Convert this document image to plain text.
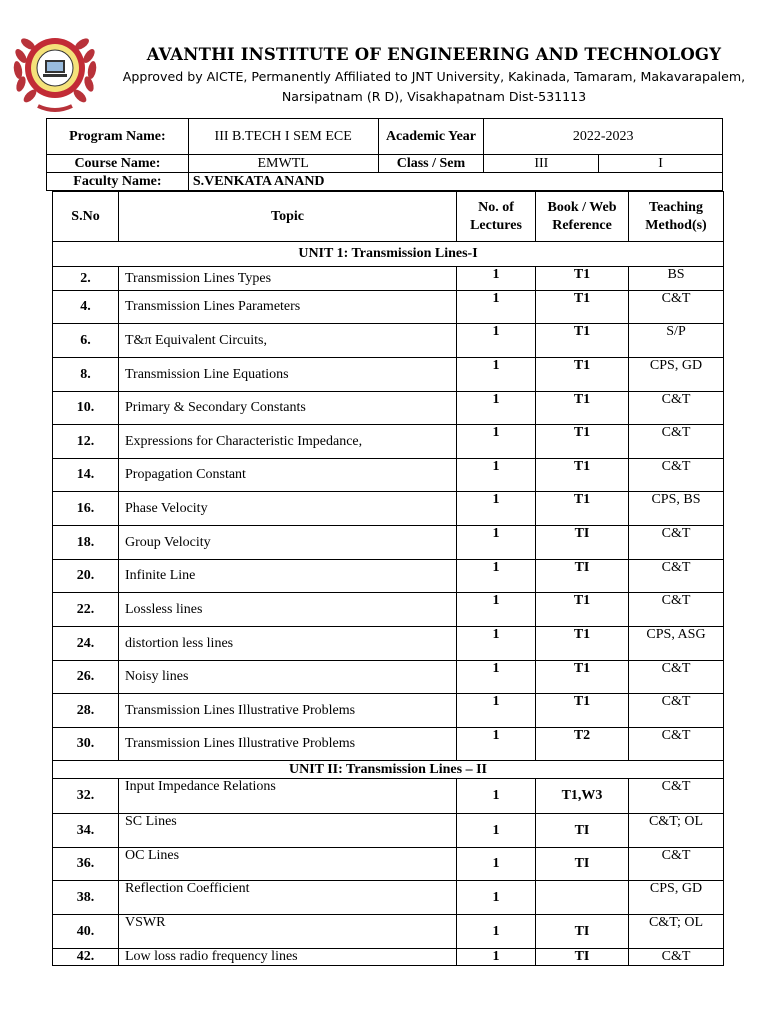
AVANTHI INSTITUTE OF ENGINEERING AND TECHNOLOGY
Approved by AICTE, Permanently Affiliated to JNT University, Kakinada, Tamaram, Makavarapalem,
Narsipatnam (R D), Visakhapatnam Dist-531113
Program Name:	III B.TECH I SEM ECE	Academic Year	2022-2023	
Course Name:	EMWTL	Class / Sem	III	I
Faculty Name:	S.VENKATA ANAND			
S.No	Topic	No. of Lectures	Book / Web Reference	Teaching Method(s)
UNIT 1: Transmission Lines-I				
2.	Transmission Lines Types	1	T1	BS
4.	Transmission Lines Parameters	1	T1	C&T
6.	T&π Equivalent Circuits,	1	T1	S/P
8.	Transmission Line Equations	1	T1	CPS, GD
10.	Primary & Secondary Constants	1	T1	C&T
12.	Expressions for Characteristic Impedance,	1	T1	C&T
14.	Propagation Constant	1	T1	C&T
16.	Phase Velocity	1	T1	CPS, BS
18.	Group Velocity	1	TI	C&T
20.	Infinite Line	1	TI	C&T
22.	Lossless lines	1	T1	C&T
24.	distortion less lines	1	T1	CPS, ASG
26.	Noisy lines	1	T1	C&T
28.	Transmission Lines Illustrative Problems	1	T1	C&T
30.	Transmission Lines Illustrative Problems	1	T2	C&T
UNIT II: Transmission Lines – II				
32.	Input Impedance Relations	1	T1,W3	C&T
34.	SC Lines	1	TI	C&T; OL
36.	OC Lines	1	TI	C&T
38.	Reflection Coefficient	1		CPS, GD
40.	VSWR	1	TI	C&T; OL
42.	Low loss radio frequency lines	1	TI	C&T
